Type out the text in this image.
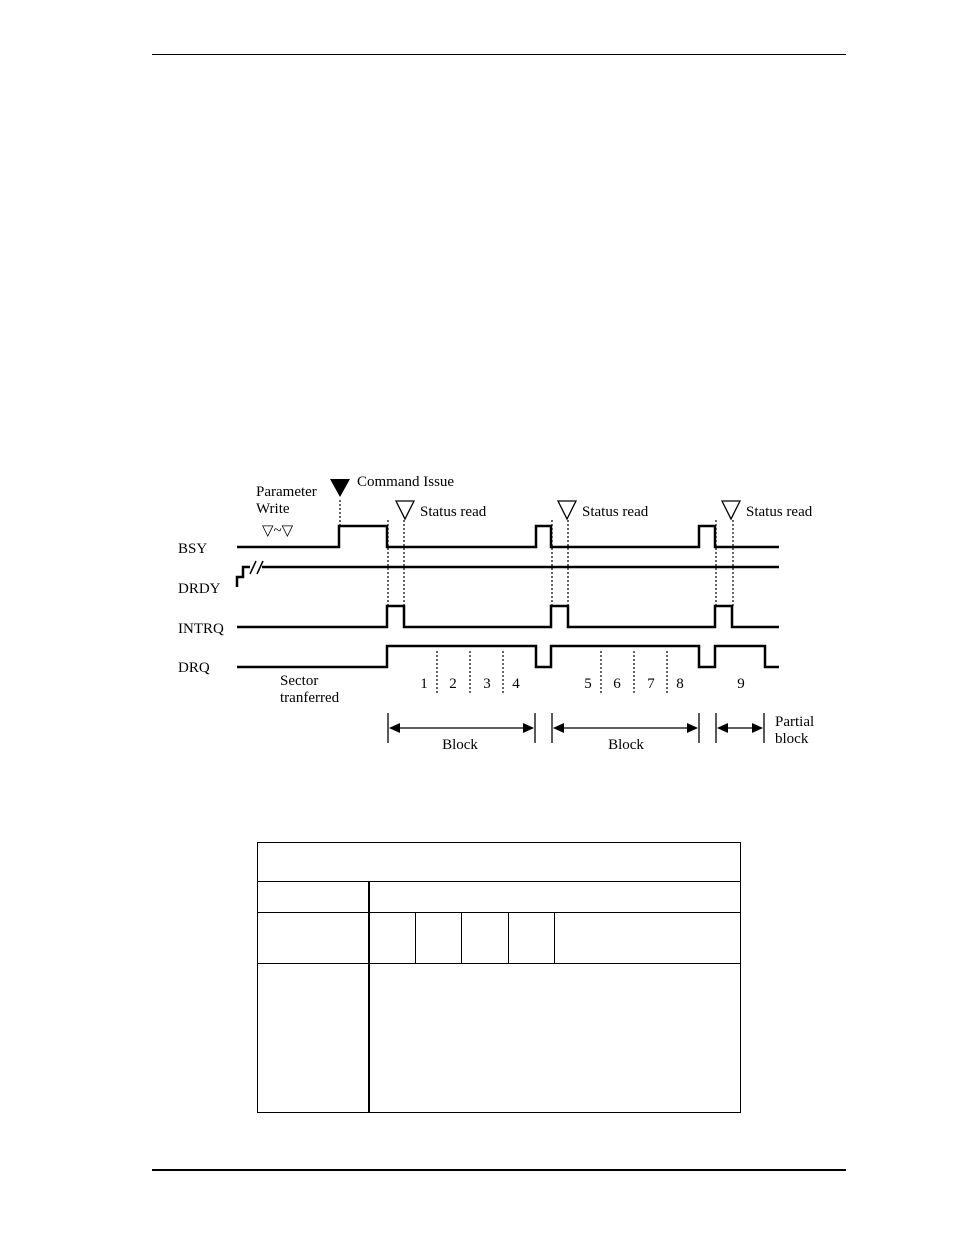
BSY
DRDY
INTRQ
DRQ
Parameter
Write
▽~▽
Command Issue
Status read	Status read	Status read
Sector
tranferred
1 2 3 4	5 6 7 8	9
Block	Block
Partial
block
